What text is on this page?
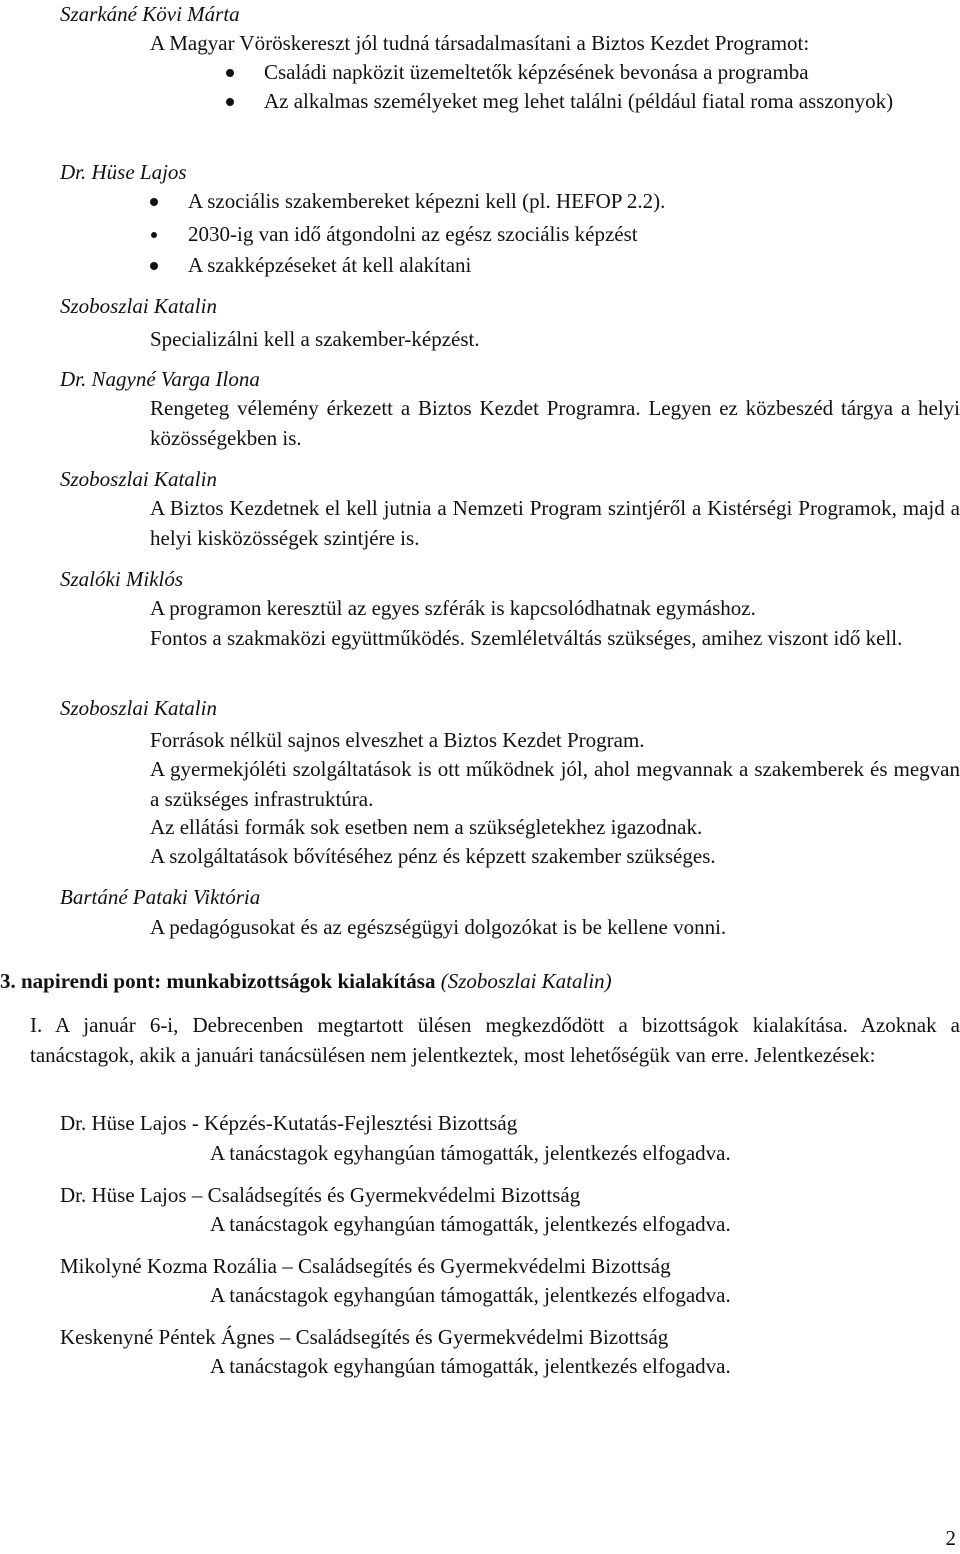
Szarkáné Kövi Márta
A Magyar Vöröskereszt jól tudná társadalmasítani a Biztos Kezdet Programot:
Családi napközit üzemeltetők képzésének bevonása a programba
Az alkalmas személyeket meg lehet találni (például fiatal roma asszonyok)
Dr. Hüse Lajos
A szociális szakembereket képezni kell (pl. HEFOP 2.2).
2030-ig van idő átgondolni az egész szociális képzést
A szakképzéseket át kell alakítani
Szoboszlai Katalin
Specializálni kell a szakember-képzést.
Dr. Nagyné Varga Ilona
Rengeteg vélemény érkezett a Biztos Kezdet Programra. Legyen ez közbeszéd tárgya a helyi közösségekben is.
Szoboszlai Katalin
A Biztos Kezdetnek el kell jutnia a Nemzeti Program szintjéről a Kistérségi Programok, majd a helyi kisközösségek szintjére is.
Szalóki Miklós
A programon keresztül az egyes szférák is kapcsolódhatnak egymáshoz.
Fontos a szakmaközi együttműködés. Szemléletváltás szükséges, amihez viszont idő kell.
Szoboszlai Katalin
Források nélkül sajnos elveszhet a Biztos Kezdet Program.
A gyermekjóléti szolgáltatások is ott működnek jól, ahol megvannak a szakemberek és megvan a szükséges infrastruktúra.
Az ellátási formák sok esetben nem a szükségletekhez igazodnak.
A szolgáltatások bővítéséhez pénz és képzett szakember szükséges.
Bartáné Pataki Viktória
A pedagógusokat és az egészségügyi dolgozókat is be kellene vonni.
3. napirendi pont: munkabizottságok kialakítása (Szoboszlai Katalin)
I. A január 6-i, Debrecenben megtartott ülésen megkezdődött a bizottságok kialakítása. Azoknak a tanácstagok, akik a januári tanácsülésen nem jelentkeztek, most lehetőségük van erre. Jelentkezések:
Dr. Hüse Lajos - Képzés-Kutatás-Fejlesztési Bizottság
A tanácstagok egyhangúan támogatták, jelentkezés elfogadva.
Dr. Hüse Lajos – Családsegítés és Gyermekvédelmi Bizottság
A tanácstagok egyhangúan támogatták, jelentkezés elfogadva.
Mikolyné Kozma Rozália – Családsegítés és Gyermekvédelmi Bizottság
A tanácstagok egyhangúan támogatták, jelentkezés elfogadva.
Keskenyné Péntek Ágnes – Családsegítés és Gyermekvédelmi Bizottság
A tanácstagok egyhangúan támogatták, jelentkezés elfogadva.
2
